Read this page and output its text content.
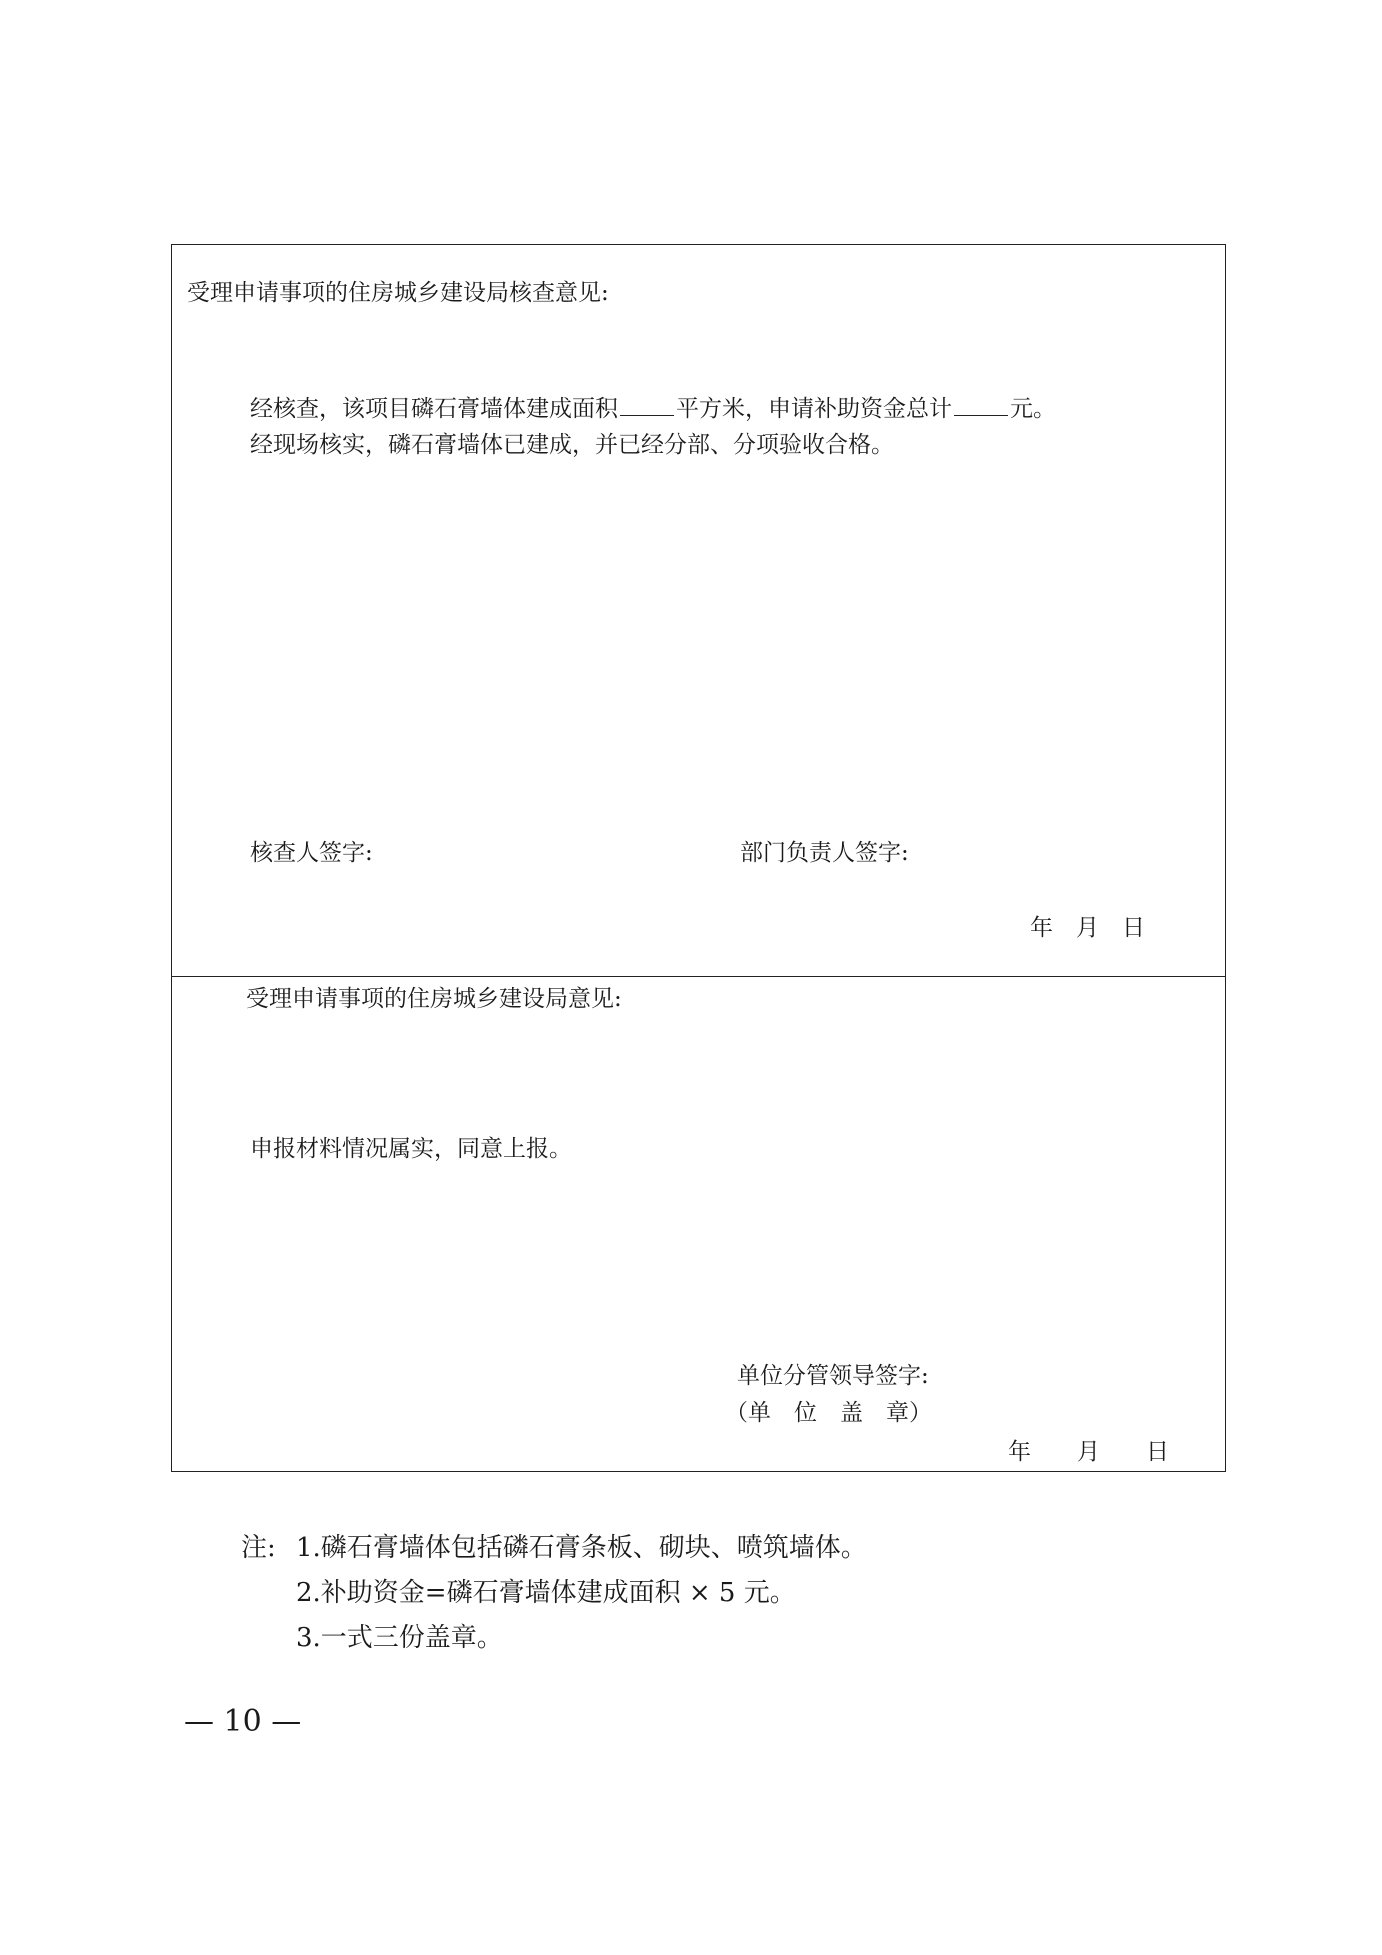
受理申请事项的住房城乡建设局核查意见:
经核查，该项目磷石膏墙体建成面积	平方米，申请补助资金总计	元。
经现场核实，磷石膏墙体已建成，并已经分部、分项验收合格。
核查人签字:	部门负责人签字:
年　月　日
受理申请事项的住房城乡建设局意见:
申报材料情况属实，同意上报。
单位分管领导签字:
（单　位　盖　章）
年　　月　　日
注: 1.磷石膏墙体包括磷石膏条板、砌块、喷筑墙体。
2.补助资金=磷石膏墙体建成面积 × 5 元。
3.一式三份盖章。
— 10 —
